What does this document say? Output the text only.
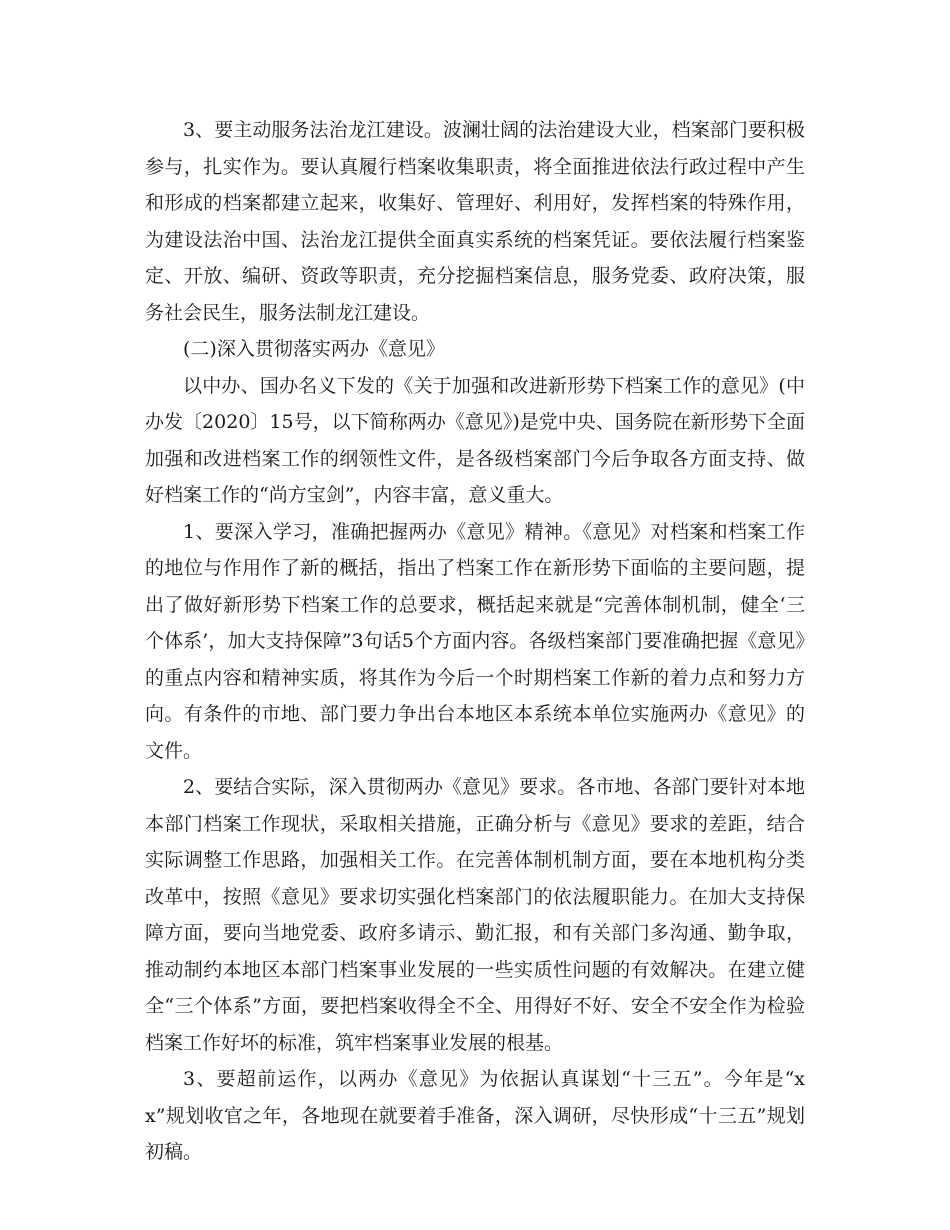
3、要主动服务法治龙江建设。波澜壮阔的法治建设大业，档案部门要积极参与，扎实作为。要认真履行档案收集职责，将全面推进依法行政过程中产生和形成的档案都建立起来，收集好、管理好、利用好，发挥档案的特殊作用，为建设法治中国、法治龙江提供全面真实系统的档案凭证。要依法履行档案鉴定、开放、编研、资政等职责，充分挖掘档案信息，服务党委、政府决策，服务社会民生，服务法制龙江建设。

(二)深入贯彻落实两办《意见》

以中办、国办名义下发的《关于加强和改进新形势下档案工作的意见》(中办发〔2020〕15号，以下简称两办《意见》)是党中央、国务院在新形势下全面加强和改进档案工作的纲领性文件，是各级档案部门今后争取各方面支持、做好档案工作的“尚方宝剑”，内容丰富，意义重大。

1、要深入学习，准确把握两办《意见》精神。《意见》对档案和档案工作的地位与作用作了新的概括，指出了档案工作在新形势下面临的主要问题，提出了做好新形势下档案工作的总要求，概括起来就是“完善体制机制，健全‘三个体系’，加大支持保障”3句话5个方面内容。各级档案部门要准确把握《意见》的重点内容和精神实质，将其作为今后一个时期档案工作新的着力点和努力方向。有条件的市地、部门要力争出台本地区本系统本单位实施两办《意见》的文件。

2、要结合实际，深入贯彻两办《意见》要求。各市地、各部门要针对本地本部门档案工作现状，采取相关措施，正确分析与《意见》要求的差距，结合实际调整工作思路，加强相关工作。在完善体制机制方面，要在本地机构分类改革中，按照《意见》要求切实强化档案部门的依法履职能力。在加大支持保障方面，要向当地党委、政府多请示、勤汇报，和有关部门多沟通、勤争取，推动制约本地区本部门档案事业发展的一些实质性问题的有效解决。在建立健全“三个体系”方面，要把档案收得全不全、用得好不好、安全不安全作为检验档案工作好坏的标准，筑牢档案事业发展的根基。

3、要超前运作，以两办《意见》为依据认真谋划“十三五”。今年是“xx”规划收官之年，各地现在就要着手准备，深入调研，尽快形成“十三五”规划初稿。
